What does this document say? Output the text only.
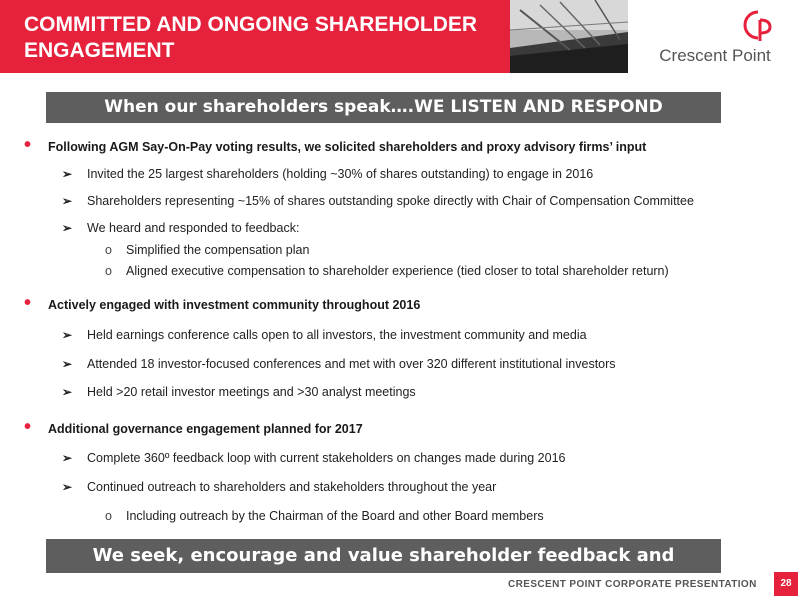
COMMITTED AND ONGOING SHAREHOLDER ENGAGEMENT	Crescent Point
When our shareholders speak….WE LISTEN AND RESPOND
• Following AGM Say-On-Pay voting results, we solicited shareholders and proxy advisory firms’ input
➢ Invited the 25 largest shareholders (holding ~30% of shares outstanding) to engage in 2016
➢ Shareholders representing ~15% of shares outstanding spoke directly with Chair of Compensation Committee
➢ We heard and responded to feedback:
o Simplified the compensation plan
o Aligned executive compensation to shareholder experience (tied closer to total shareholder return)
• Actively engaged with investment community throughout 2016
➢ Held earnings conference calls open to all investors, the investment community and media
➢ Attended 18 investor-focused conferences and met with over 320 different institutional investors
➢ Held >20 retail investor meetings and >30 analyst meetings
• Additional governance engagement planned for 2017
➢ Complete 360º feedback loop with current stakeholders on changes made during 2016
➢ Continued outreach to shareholders and stakeholders throughout the year
o Including outreach by the Chairman of the Board and other Board members
We seek, encourage and value shareholder feedback and dialogue	CRESCENT POINT CORPORATE PRESENTATION	28
